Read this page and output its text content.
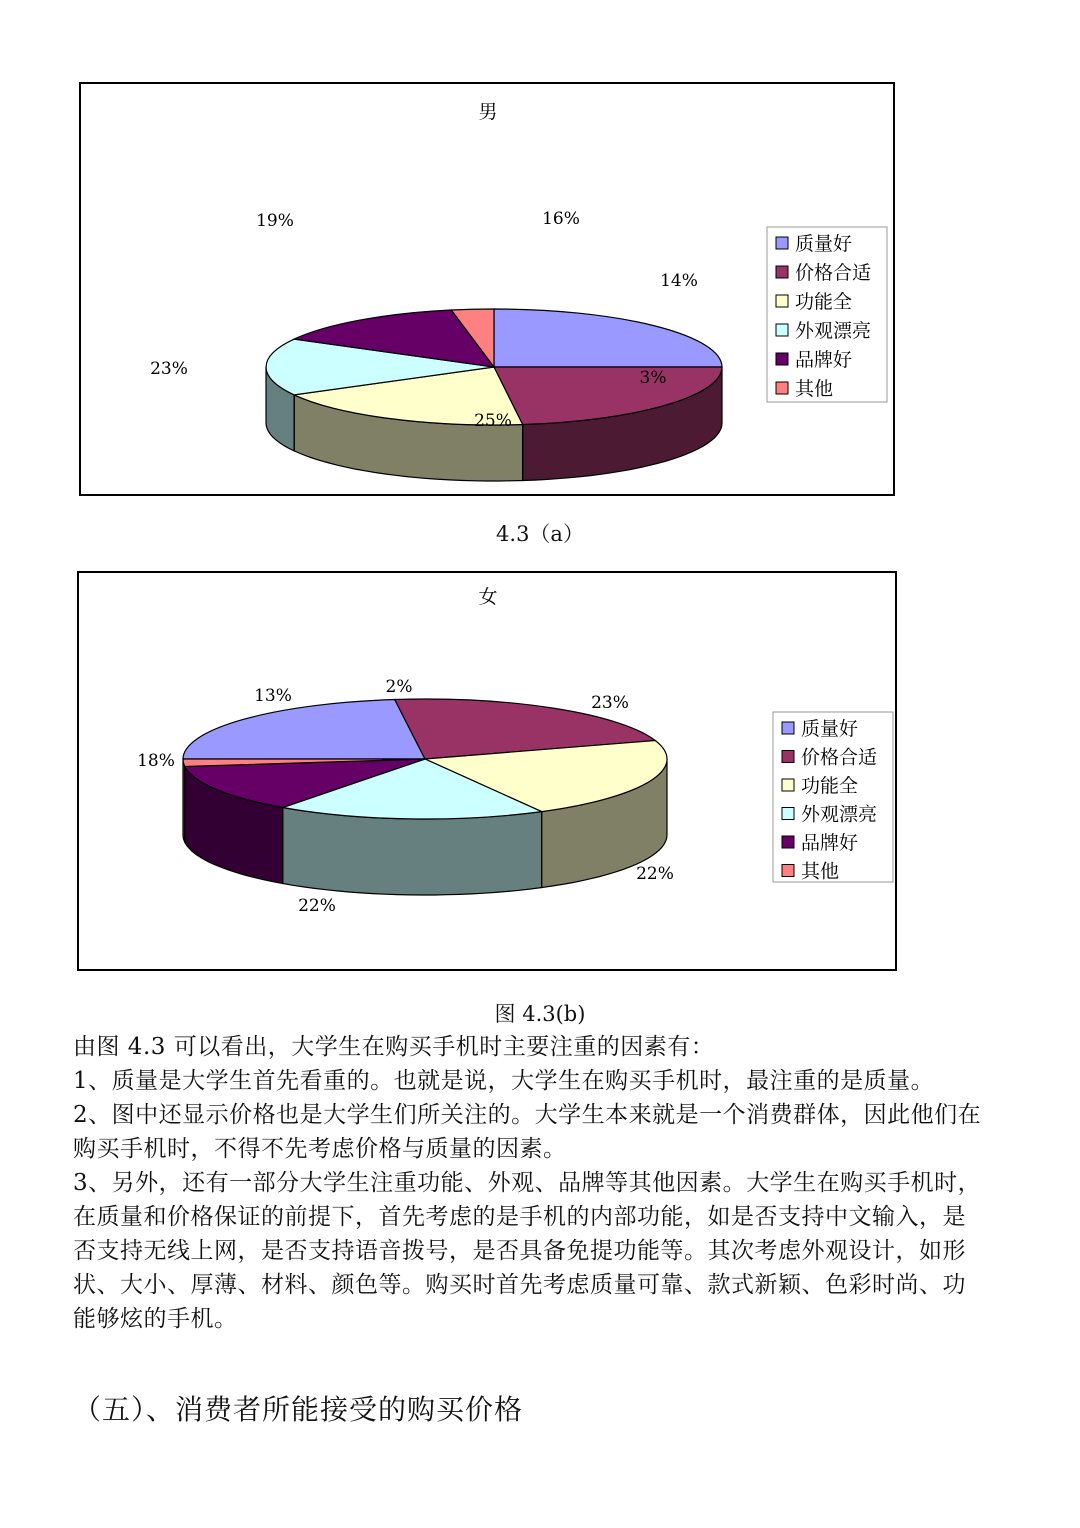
男
25%
23%
19%	16%
14%
3%
质量好
价格合适
功能全
外观漂亮
品牌好
其他
4.3（a）
女
23%
22%
22%
18%
13%	2%
质量好
价格合适
功能全
外观漂亮
品牌好
其他
图 4.3(b)

由图 4.3 可以看出，大学生在购买手机时主要注重的因素有：

1、质量是大学生首先看重的。也就是说，大学生在购买手机时，最注重的是质量。

2、图中还显示价格也是大学生们所关注的。大学生本来就是一个消费群体，因此他们在购买手机时，不得不先考虑价格与质量的因素。

3、另外，还有一部分大学生注重功能、外观、品牌等其他因素。大学生在购买手机时，在质量和价格保证的前提下，首先考虑的是手机的内部功能，如是否支持中文输入，是否支持无线上网，是否支持语音拨号，是否具备免提功能等。其次考虑外观设计，如形状、大小、厚薄、材料、颜色等。购买时首先考虑质量可靠、款式新颖、色彩时尚、功能够炫的手机。

（五）、消费者所能接受的购买价格
